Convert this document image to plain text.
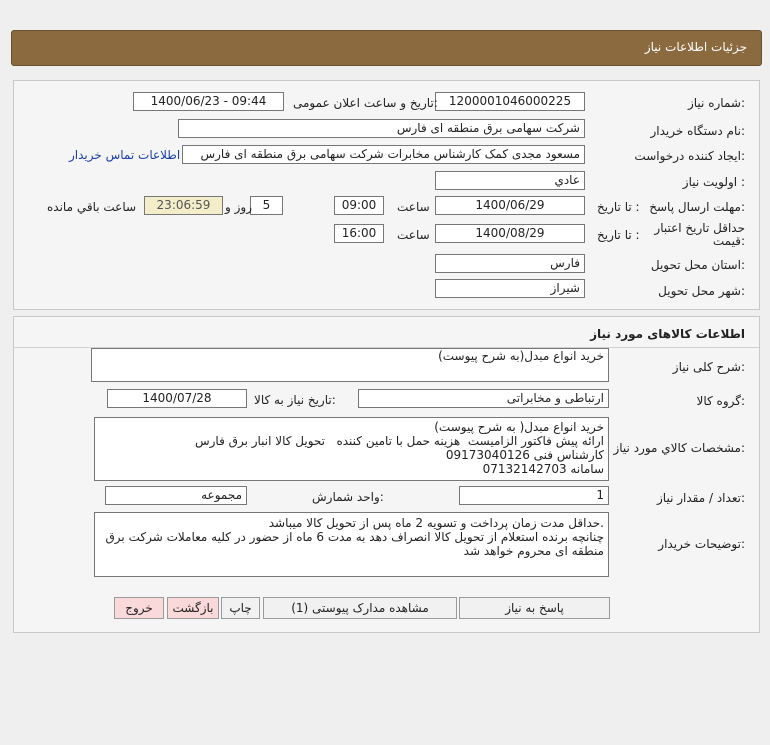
جزئیات اطلاعات نیاز
شماره نیاز:
1200001046000225
تاریخ و ساعت اعلان عمومی:
1400/06/23 - 09:44
نام دستگاه خریدار:
شرکت سهامی برق منطقه ای فارس
ایجاد کننده درخواست:
مسعود مجدی کمک کارشناس مخابرات شرکت سهامی برق منطقه ای فارس
اطلاعات تماس خریدار
اولویت نیاز :
عادي
مهلت ارسال پاسخ:
تا تاریخ :
1400/06/29
ساعت
09:00
5
روز و
23:06:59
ساعت باقي مانده
حداقل تاریخ اعتبار
قیمت:
تا تاریخ :
1400/08/29
ساعت
16:00
استان محل تحویل:
فارس
شهر محل تحویل:
شیراز
اطلاعات کالاهای مورد نیاز
شرح کلی نیاز:
خرید انواع مبدل(به شرح پیوست)
گروه کالا:
ارتباطی و مخابراتی
تاریخ نیاز به کالا:
1400/07/28
مشخصات کالاي مورد نياز:
خرید انواع مبدل( به شرح پیوست)
ارائه پیش فاکتور الزامیست  هزینه حمل با تامین کننده   تحویل کالا انبار برق فارس
کارشناس فنی 09173040126
سامانه 07132142703
تعداد / مقدار نیاز:
1
واحد شمارش:
مجموعه
توضیحات خریدار:
حداقل مدت زمان پرداخت و تسویه 2 ماه پس از تحویل کالا میباشد.
چنانچه برنده استعلام از تحویل کالا انصراف دهد به مدت 6 ماه از حضور در کلیه معاملات شرکت برق منطقه ای محروم خواهد شد
پاسخ به نیاز
مشاهده مدارک پیوستی (1)
چاپ
بازگشت
خروج
